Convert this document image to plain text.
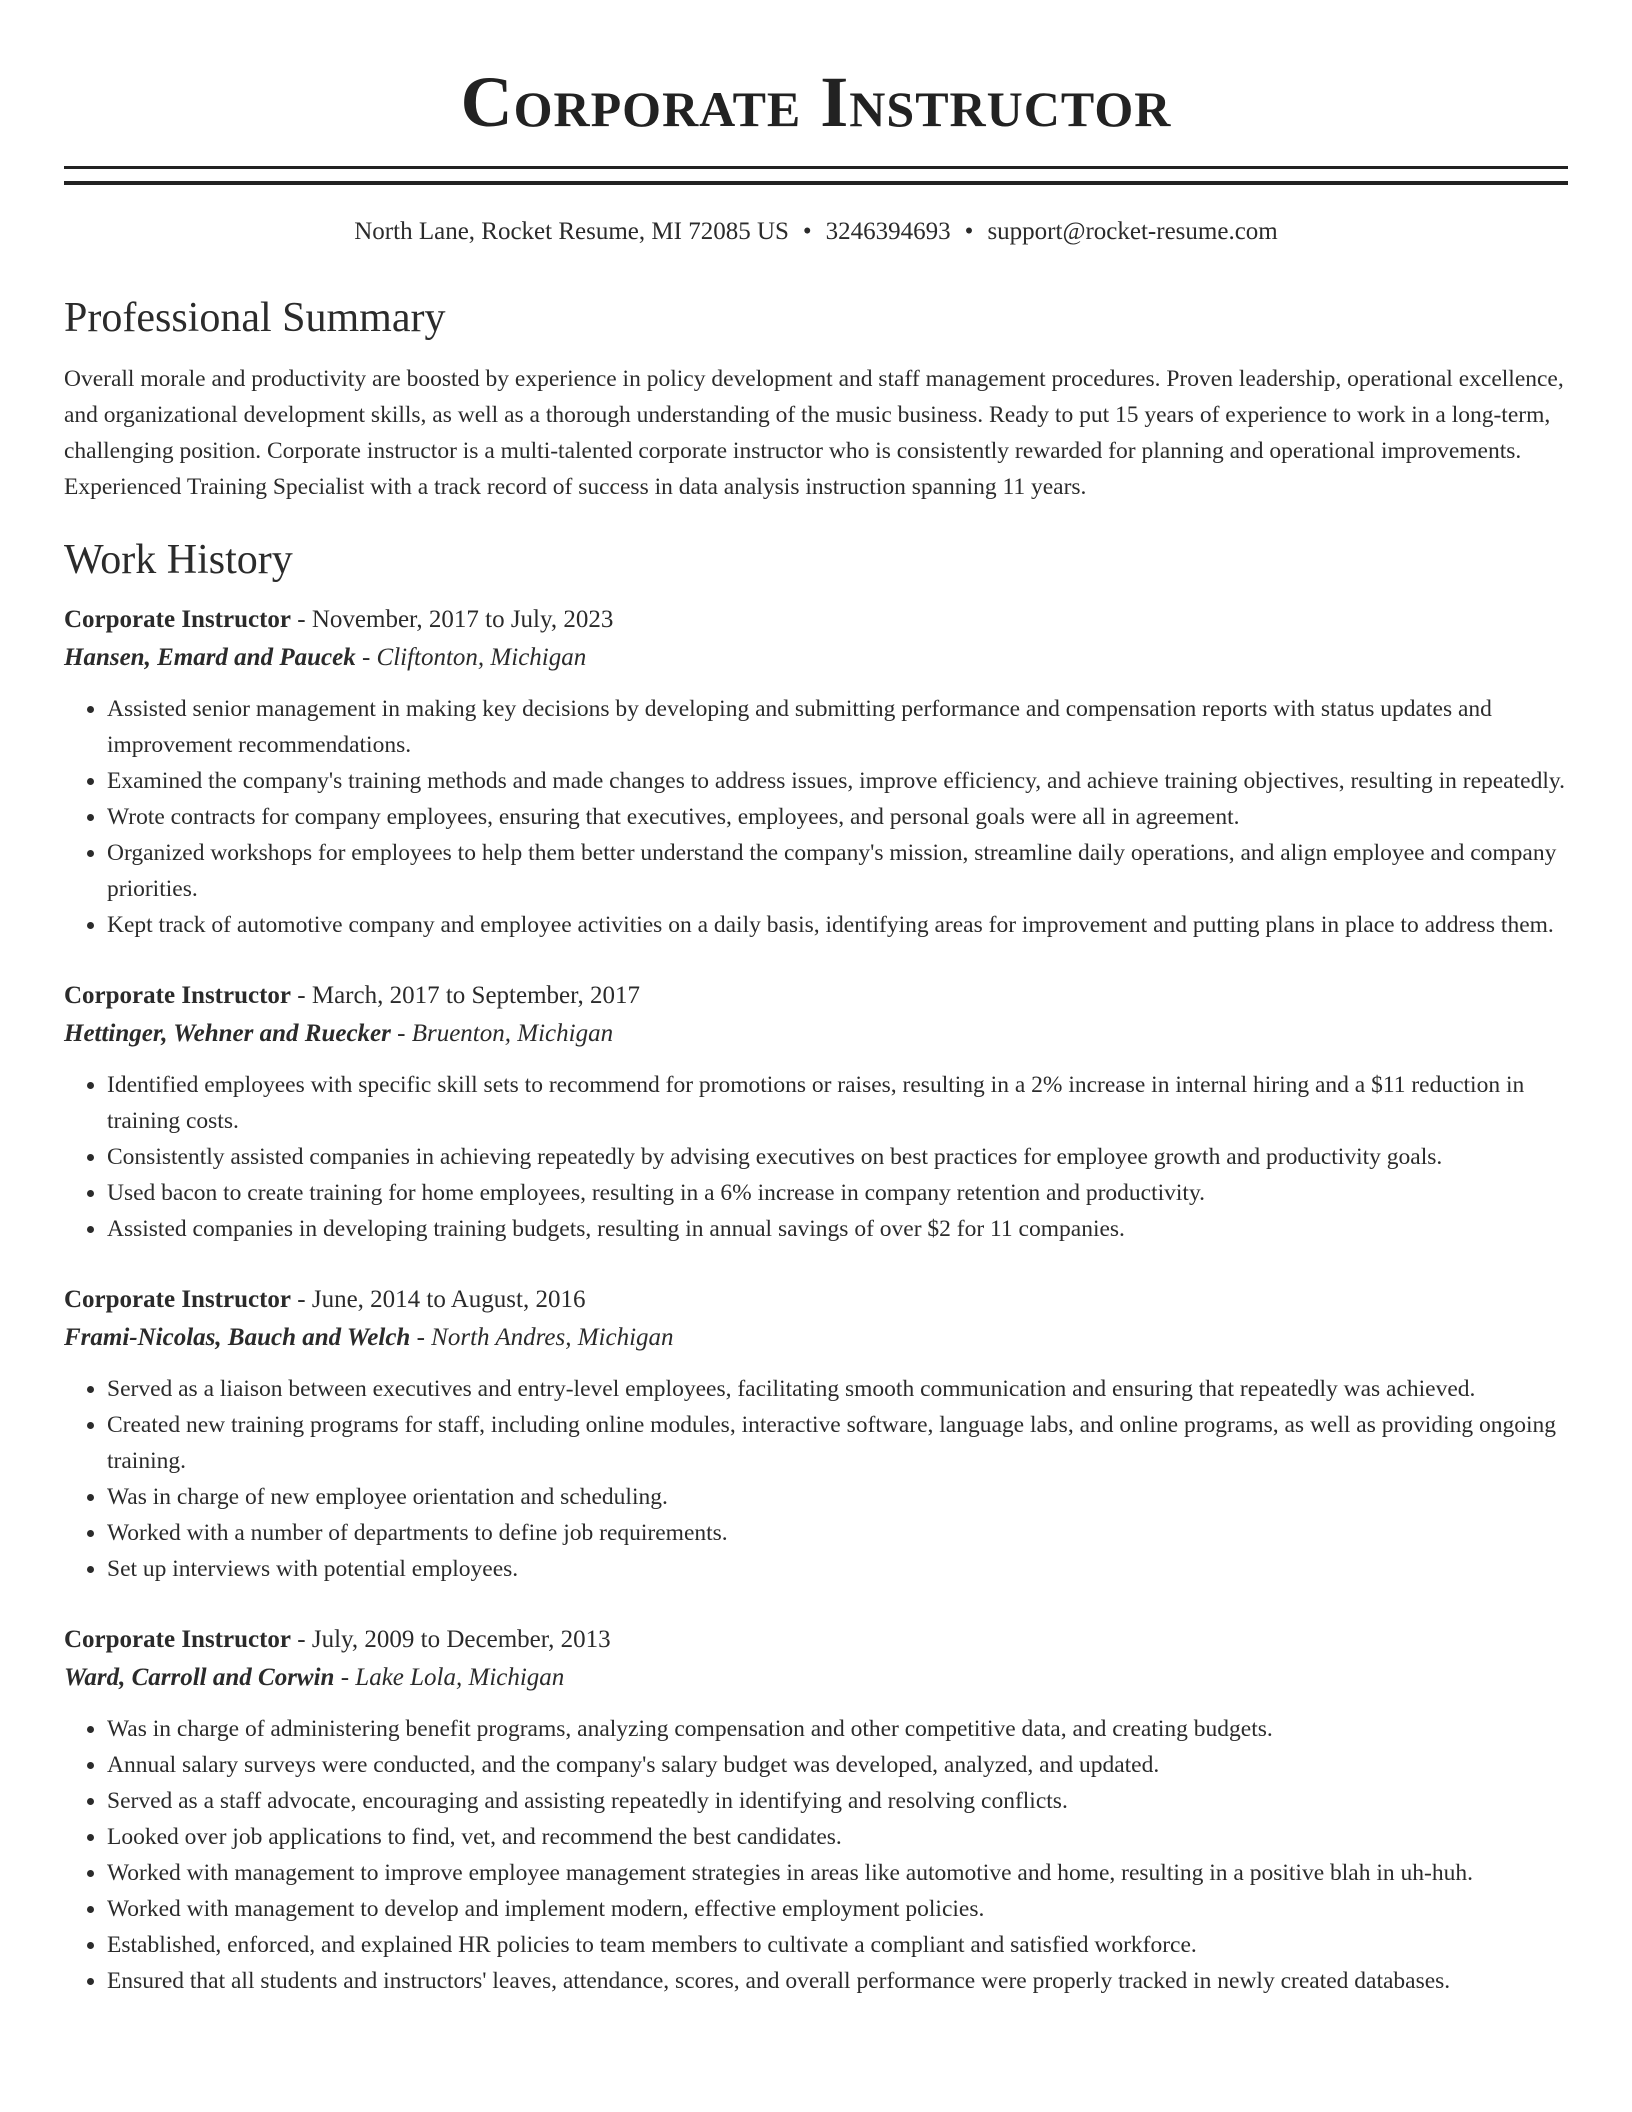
Corporate Instructor
North Lane, Rocket Resume, MI 72085 US • 3246394693 • support@rocket-resume.com
Professional Summary

Overall morale and productivity are boosted by experience in policy development and staff management procedures. Proven leadership, operational excellence, and organizational development skills, as well as a thorough understanding of the music business. Ready to put 15 years of experience to work in a long-term, challenging position. Corporate instructor is a multi-talented corporate instructor who is consistently rewarded for planning and operational improvements. Experienced Training Specialist with a track record of success in data analysis instruction spanning 11 years.

Work History
Corporate Instructor - November, 2017 to July, 2023
Hansen, Emard and Paucek - Cliftonton, Michigan
• Assisted senior management in making key decisions by developing and submitting performance and compensation reports with status updates and improvement recommendations.
• Examined the company's training methods and made changes to address issues, improve efficiency, and achieve training objectives, resulting in repeatedly.
• Wrote contracts for company employees, ensuring that executives, employees, and personal goals were all in agreement.
• Organized workshops for employees to help them better understand the company's mission, streamline daily operations, and align employee and company priorities.
• Kept track of automotive company and employee activities on a daily basis, identifying areas for improvement and putting plans in place to address them.
Corporate Instructor - March, 2017 to September, 2017
Hettinger, Wehner and Ruecker - Bruenton, Michigan
• Identified employees with specific skill sets to recommend for promotions or raises, resulting in a 2% increase in internal hiring and a $11 reduction in training costs.
• Consistently assisted companies in achieving repeatedly by advising executives on best practices for employee growth and productivity goals.
• Used bacon to create training for home employees, resulting in a 6% increase in company retention and productivity.
• Assisted companies in developing training budgets, resulting in annual savings of over $2 for 11 companies.
Corporate Instructor - June, 2014 to August, 2016
Frami-Nicolas, Bauch and Welch - North Andres, Michigan
• Served as a liaison between executives and entry-level employees, facilitating smooth communication and ensuring that repeatedly was achieved.
• Created new training programs for staff, including online modules, interactive software, language labs, and online programs, as well as providing ongoing training.
• Was in charge of new employee orientation and scheduling.
• Worked with a number of departments to define job requirements.
• Set up interviews with potential employees.
Corporate Instructor - July, 2009 to December, 2013
Ward, Carroll and Corwin - Lake Lola, Michigan
• Was in charge of administering benefit programs, analyzing compensation and other competitive data, and creating budgets.
• Annual salary surveys were conducted, and the company's salary budget was developed, analyzed, and updated.
• Served as a staff advocate, encouraging and assisting repeatedly in identifying and resolving conflicts.
• Looked over job applications to find, vet, and recommend the best candidates.
• Worked with management to improve employee management strategies in areas like automotive and home, resulting in a positive blah in uh-huh.
• Worked with management to develop and implement modern, effective employment policies.
• Established, enforced, and explained HR policies to team members to cultivate a compliant and satisfied workforce.
• Ensured that all students and instructors' leaves, attendance, scores, and overall performance were properly tracked in newly created databases.
